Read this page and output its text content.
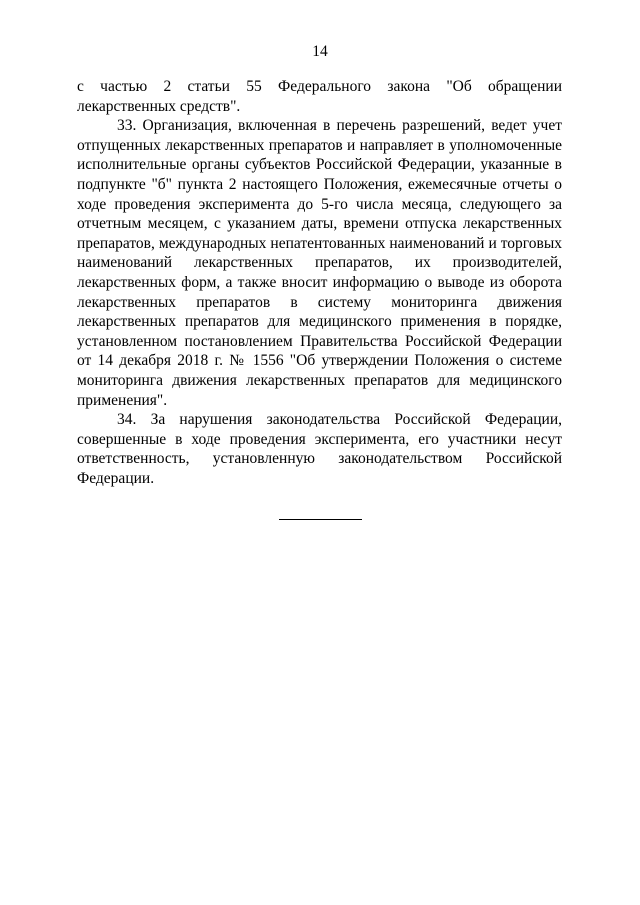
14

с частью 2 статьи 55 Федерального закона "Об обращении лекарственных средств".

33. Организация, включенная в перечень разрешений, ведет учет отпущенных лекарственных препаратов и направляет в уполномоченные исполнительные органы субъектов Российской Федерации, указанные в подпункте "б" пункта 2 настоящего Положения, ежемесячные отчеты о ходе проведения эксперимента до 5-го числа месяца, следующего за отчетным месяцем, с указанием даты, времени отпуска лекарственных препаратов, международных непатентованных наименований и торговых наименований лекарственных препаратов, их производителей, лекарственных форм, а также вносит информацию о выводе из оборота лекарственных препаратов в систему мониторинга движения лекарственных препаратов для медицинского применения в порядке, установленном постановлением Правительства Российской Федерации от 14 декабря 2018 г. № 1556 "Об утверждении Положения о системе мониторинга движения лекарственных препаратов для медицинского применения".

34. За нарушения законодательства Российской Федерации, совершенные в ходе проведения эксперимента, его участники несут ответственность, установленную законодательством Российской Федерации.
